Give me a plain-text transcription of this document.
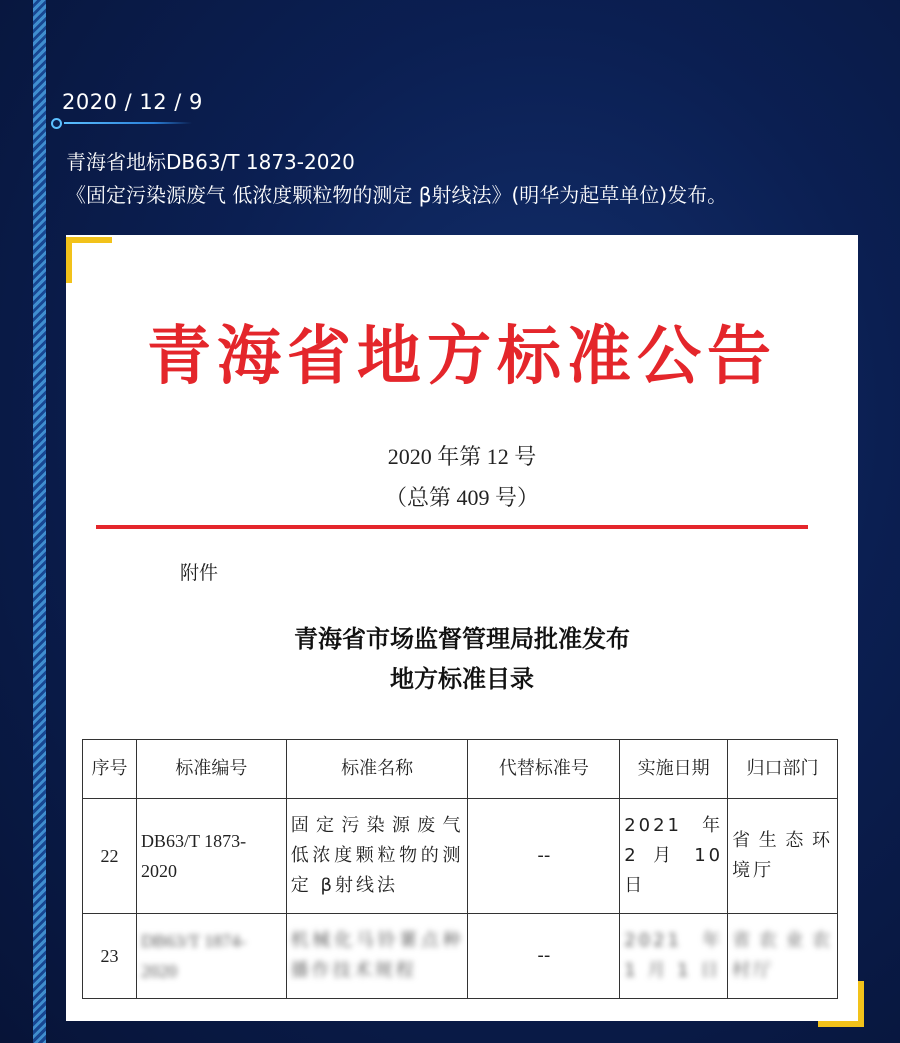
2020 / 12 / 9
青海省地标DB63/T 1873-2020
《固定污染源废气 低浓度颗粒物的测定 β射线法》(明华为起草单位)发布。
青海省地方标准公告
2020 年第 12 号
（总第 409 号）
附件
青海省市场监督管理局批准发布
地方标准目录
序号	标准编号	标准名称	代替标准号	实施日期	归口部门
22	DB63/T 1873-2020	固定污染源废气 低浓度颗粒物的测定 β射线法	--	2021 年 2 月 10 日	省生态环境厅
23	DB63/T 1874-2020	机械化马铃薯点种播作技术规程	--	2021 年 1 月 1 日	省农业农村厅
